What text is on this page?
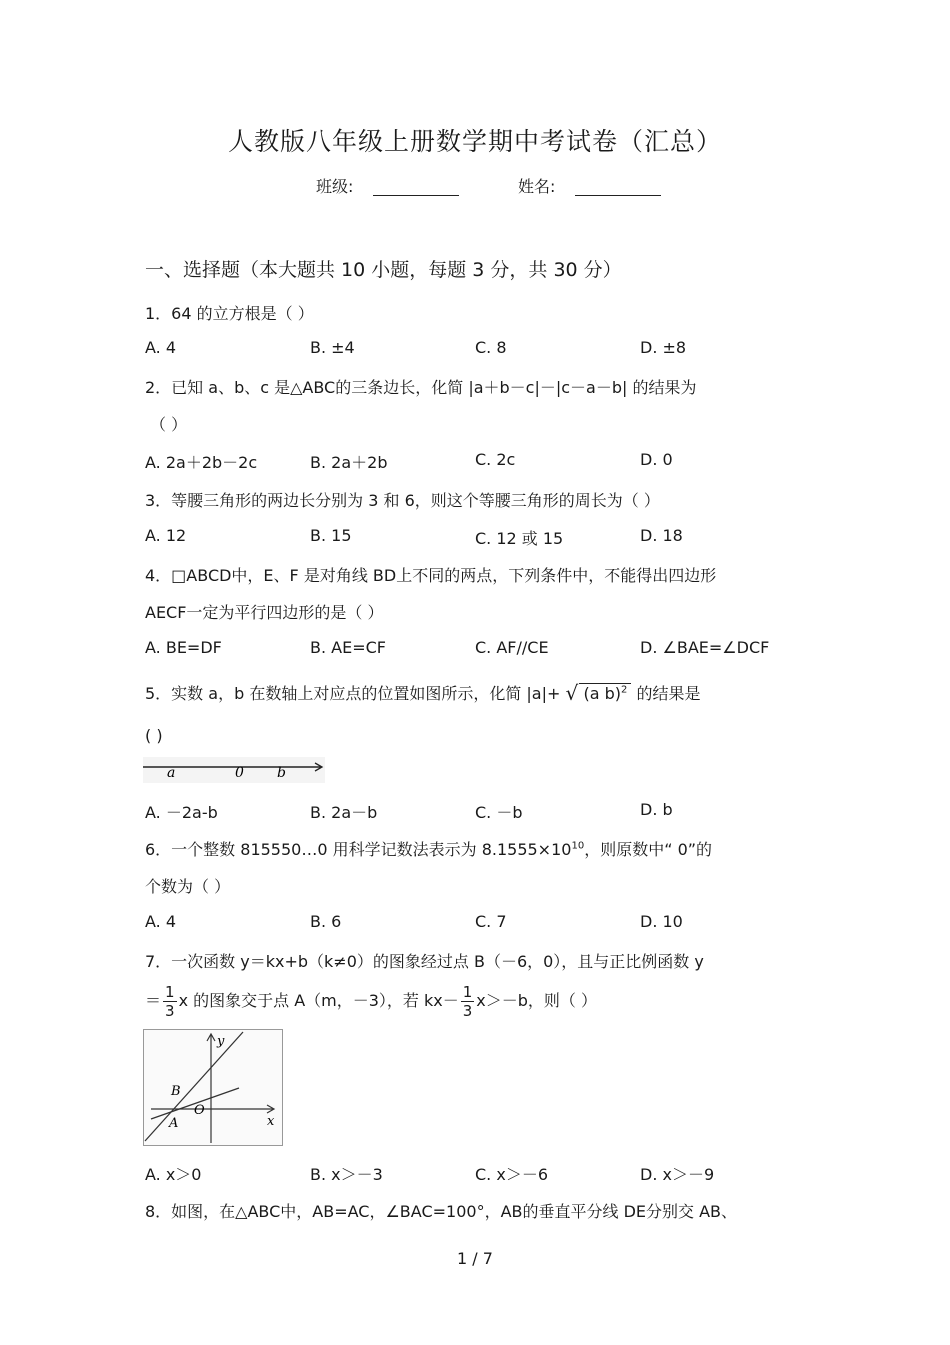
人教版八年级上册数学期中考试卷（汇总）
班级:	姓名:
一、选择题（本大题共 10 小题，每题 3 分，共 30 分）
1．64 的立方根是（ ）
A. 4	B. ±4	C. 8	D. ±8
2．已知 a、b、c 是△ABC的三条边长，化简 |a＋b－c|－|c－a－b| 的结果为
（ ）
A. 2a＋2b－2c	B. 2a＋2b	C. 2c	D. 0
3．等腰三角形的两边长分别为 3 和 6，则这个等腰三角形的周长为（ ）
A. 12	B. 15	C. 12 或 15	D. 18
4．□ABCD中，E、F 是对角线 BD上不同的两点，下列条件中，不能得出四边形
AECF一定为平行四边形的是（ ）
A. BE=DF	B. AE=CF	C. AF//CE	D. ∠BAE=∠DCF
5．实数 a，b 在数轴上对应点的位置如图所示，化简 |a|+ √ (a b)$^2$ 的结果是
( )
a	0 b
A. －2a-b	B. 2a－b	C. －b	D. b
6．一个整数 815550…0 用科学记数法表示为 $8.1555\times 10^{10}$，则原数中“ 0”的
个数为（ ）
A. 4	B. 6	C. 7	D. 10
7．一次函数 y＝kx+b（k≠0）的图象经过点 B（－6，0），且与正比例函数 y
＝ $\frac{1}{3}$ x 的图象交于点 A（m，－3），若 $kx- \frac{1}{3} x>-b$，则（ ）
y
x
O
B
A
A. x＞0	B. x＞－3	C. x＞－6	D. x＞－9
8．如图，在△ABC中，AB=AC，∠BAC=100°，AB的垂直平分线 DE分别交 AB、
1 / 7
